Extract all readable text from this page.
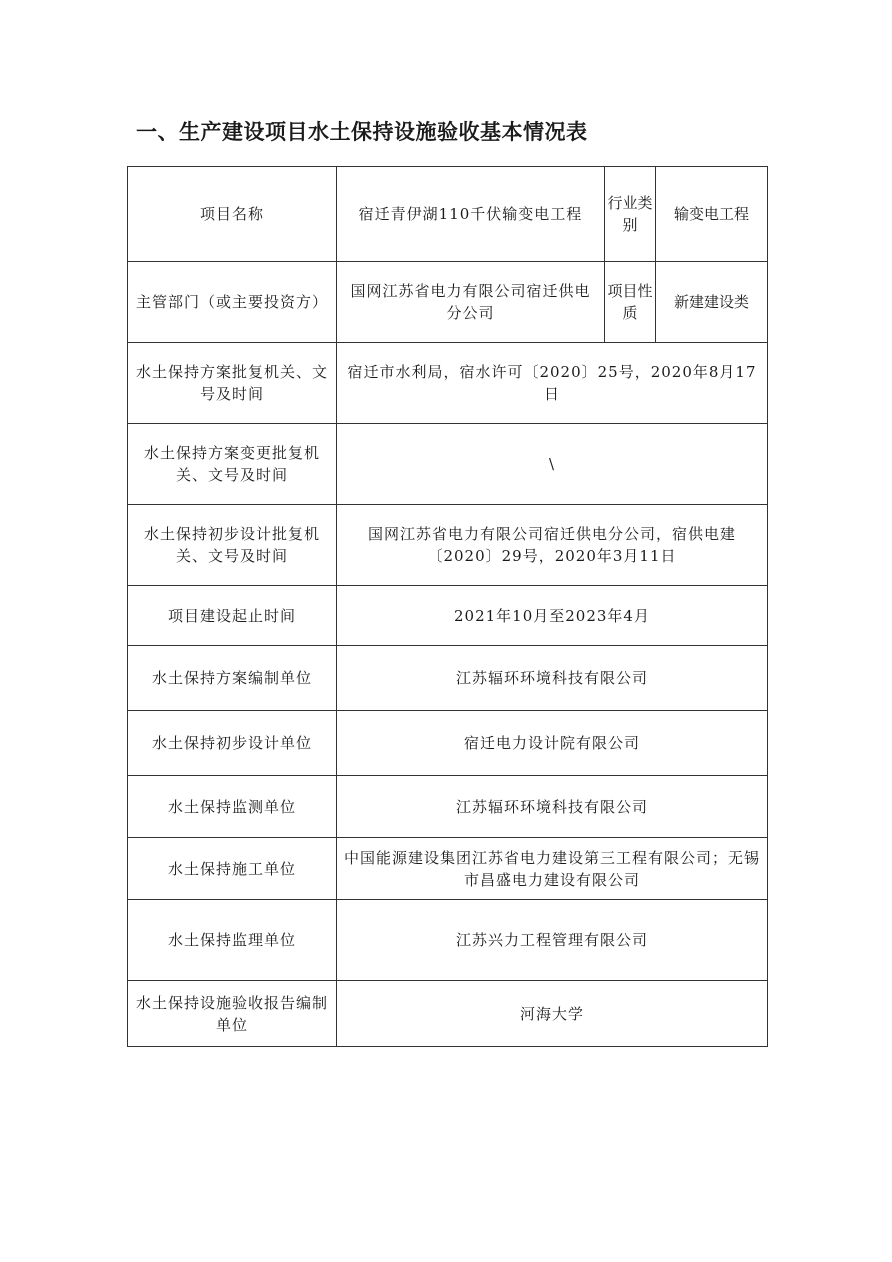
一、生产建设项目水土保持设施验收基本情况表
项目名称	宿迁青伊湖110千伏输变电工程	行业类别	输变电工程
主管部门（或主要投资方）	国网江苏省电力有限公司宿迁供电分公司	项目性质	新建建设类
水土保持方案批复机关、文号及时间	宿迁市水利局，宿水许可〔2020〕25号，2020年8月17日		
水土保持方案变更批复机关、文号及时间	\		
水土保持初步设计批复机关、文号及时间	国网江苏省电力有限公司宿迁供电分公司，宿供电建〔2020〕29号，2020年3月11日		
项目建设起止时间	2021年10月至2023年4月		
水土保持方案编制单位	江苏辐环环境科技有限公司		
水土保持初步设计单位	宿迁电力设计院有限公司		
水土保持监测单位	江苏辐环环境科技有限公司		
水土保持施工单位	中国能源建设集团江苏省电力建设第三工程有限公司；无锡市昌盛电力建设有限公司		
水土保持监理单位	江苏兴力工程管理有限公司		
水土保持设施验收报告编制单位	河海大学		
